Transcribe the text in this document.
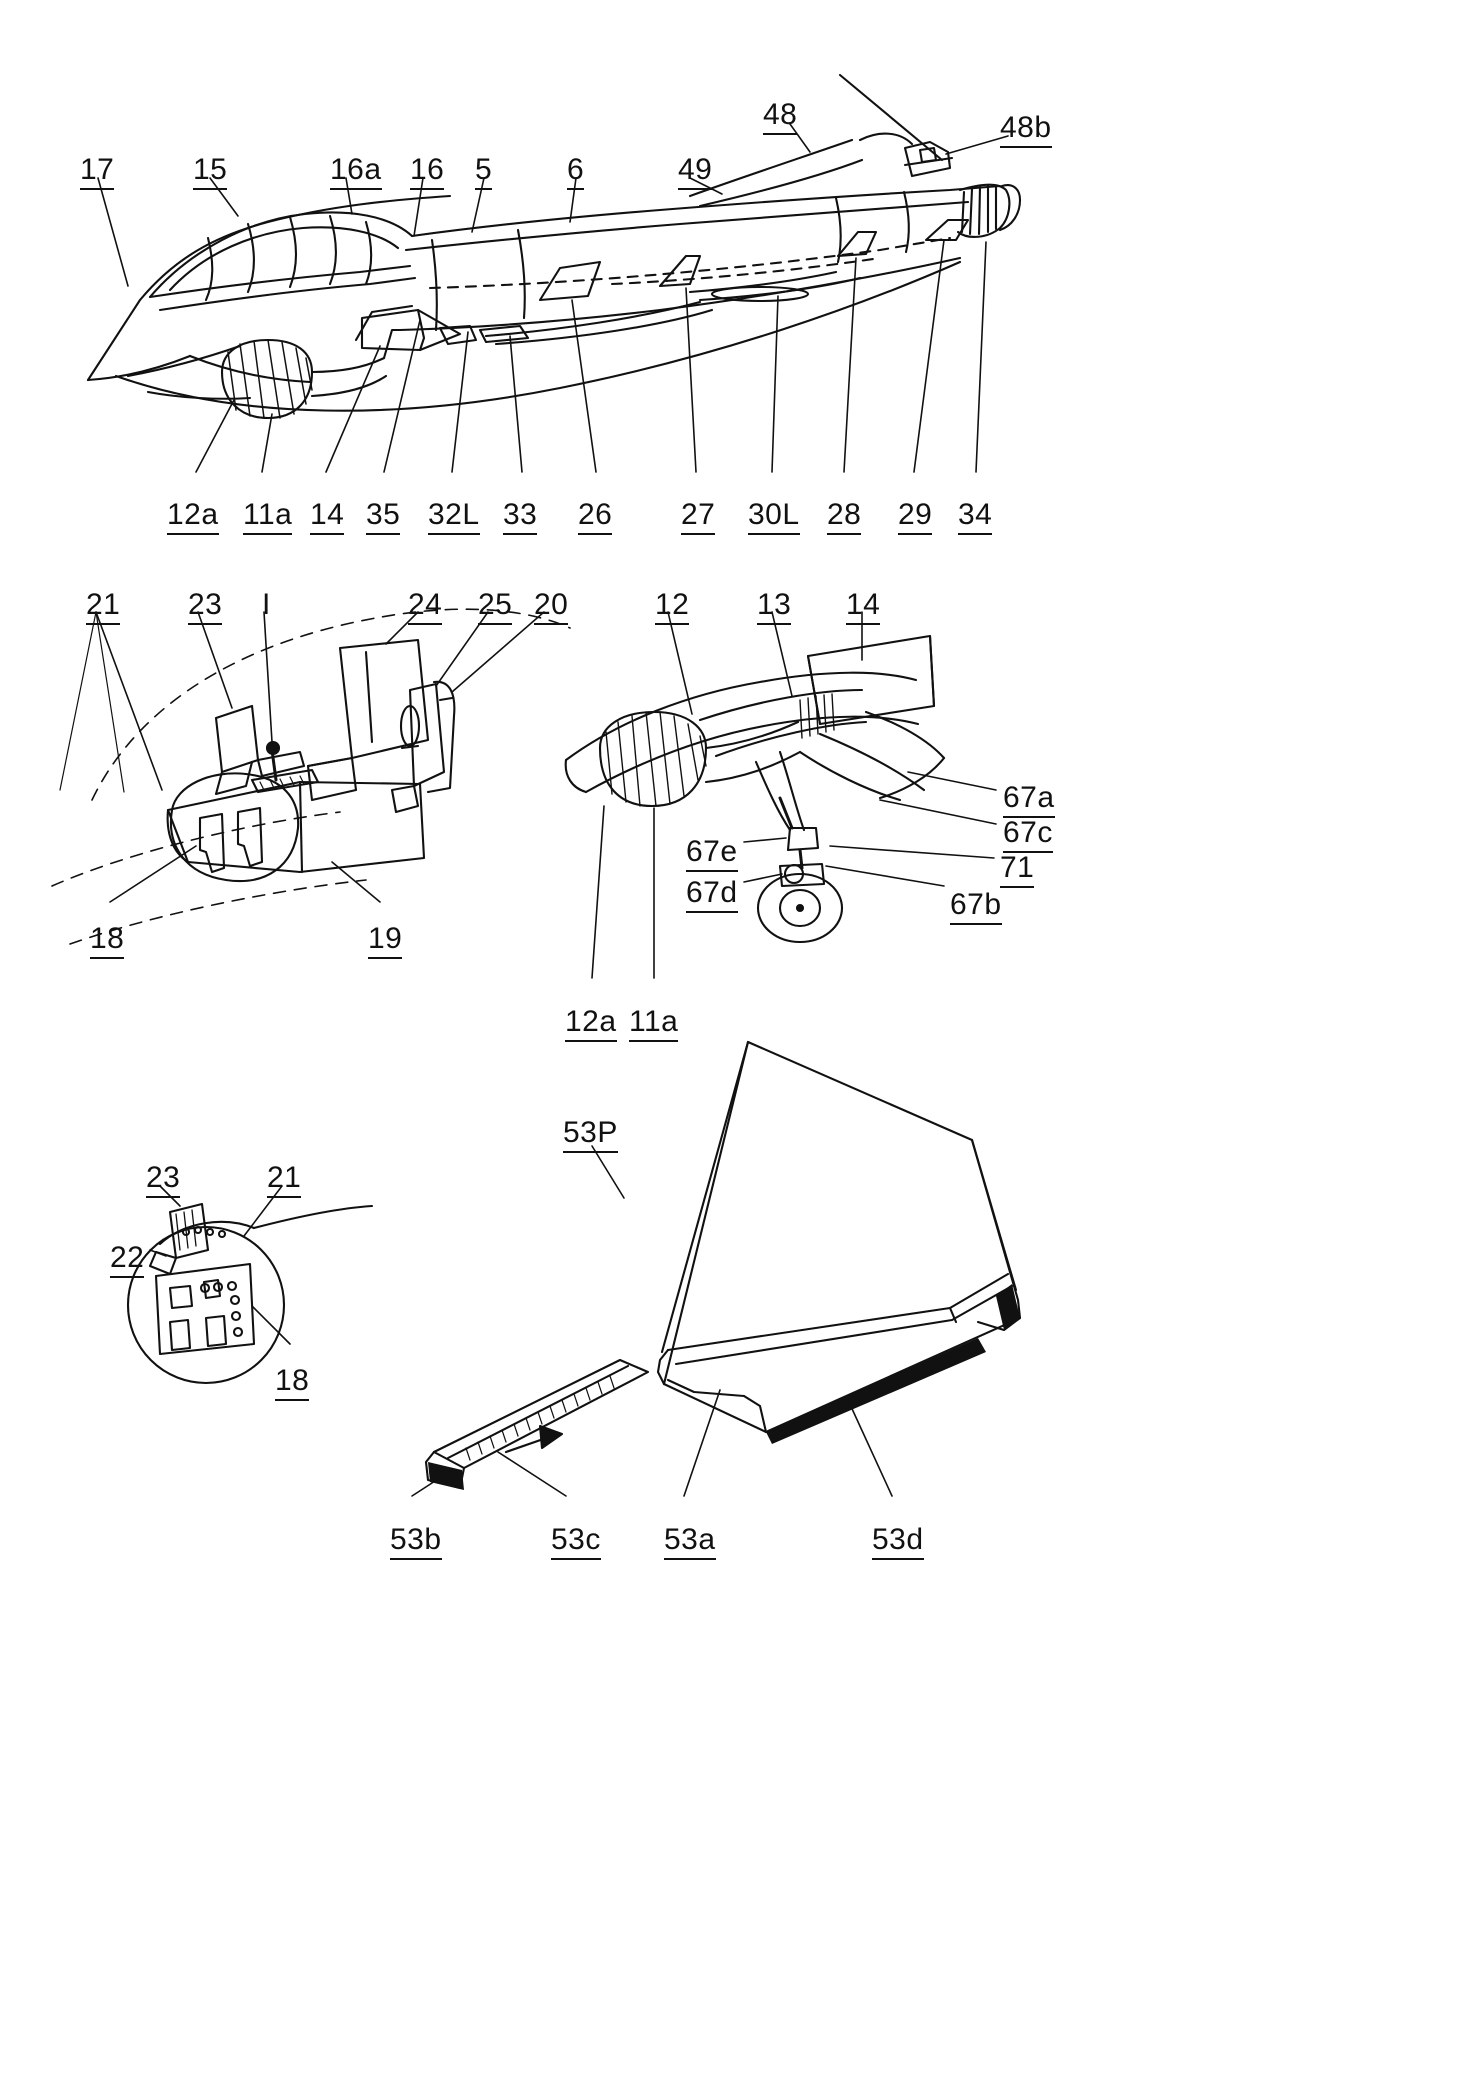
17	15	16a 16 5 6	49
48	48b
12a 11a 14 35 32L 33 26 27 30L 28 29 34
21 23 I	24 25 20
18	19
12 13 14
67a
67c
71
67b
67e
67d
12a 11a
23	21
22
18
53P
53b	53c 53a	53d
